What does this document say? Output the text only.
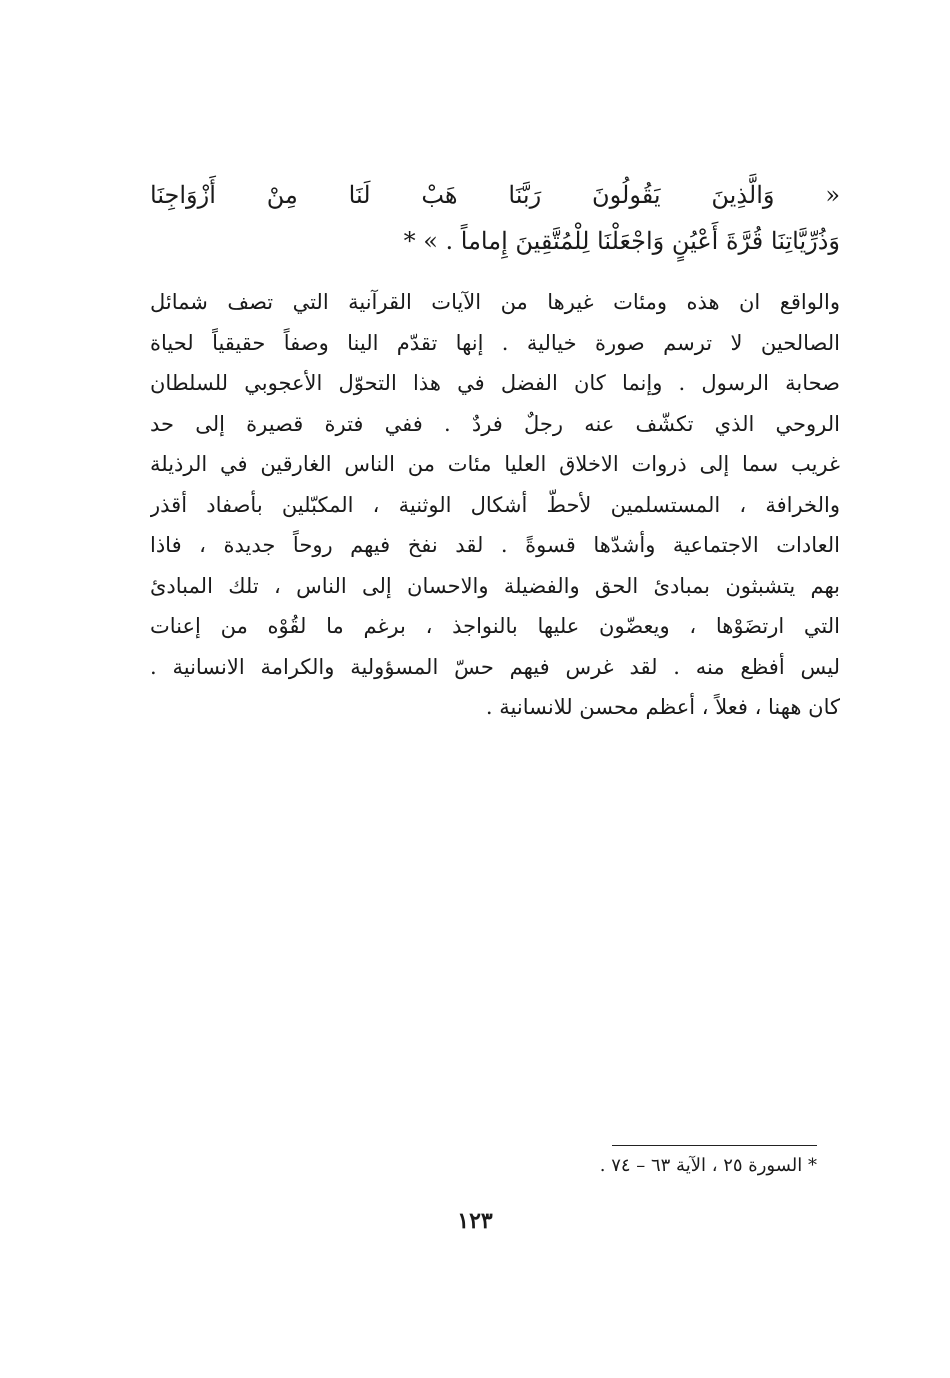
« وَالَّذِينَ يَقُولُونَ رَبَّنَا هَبْ لَنَا مِنْ أَزْوَاجِنَا
وَذُرِّيَّاتِنَا قُرَّةَ أَعْيُنٍ وَاجْعَلْنَا لِلْمُتَّقِينَ إِماماً . » *
والواقع ان هذه ومئات غيرها من الآيات القرآنية التي تصف شمائل
الصالحين لا ترسم صورة خيالية . إنها تقدّم الينا وصفاً حقيقياً لحياة
صحابة الرسول . وإنما كان الفضل في هذا التحوّل الأعجوبي للسلطان
الروحي الذي تكشّف عنه رجلٌ فردٌ . ففي فترة قصيرة إلى حد
غريب سما إلى ذروات الاخلاق العليا مئات من الناس الغارقين في الرذيلة
والخرافة ، المستسلمين لأحطّ أشكال الوثنية ، المكبّلين بأصفاد أقذر
العادات الاجتماعية وأشدّها قسوةً . لقد نفخ فيهم روحاً جديدة ، فاذا
بهم يتشبثون بمبادئ الحق والفضيلة والاحسان إلى الناس ، تلك المبادئ
التي ارتضَوْها ، ويعضّون عليها بالنواجذ ، برغم ما لقُوْه من إعنات
ليس أفظع منه . لقد غرس فيهم حسّ المسؤولية والكرامة الانسانية .
كان ههنا ، فعلاً ، أعظم محسن للانسانية .
* السورة ٢٥ ، الآية ٦٣ – ٧٤ .
١٢٣
